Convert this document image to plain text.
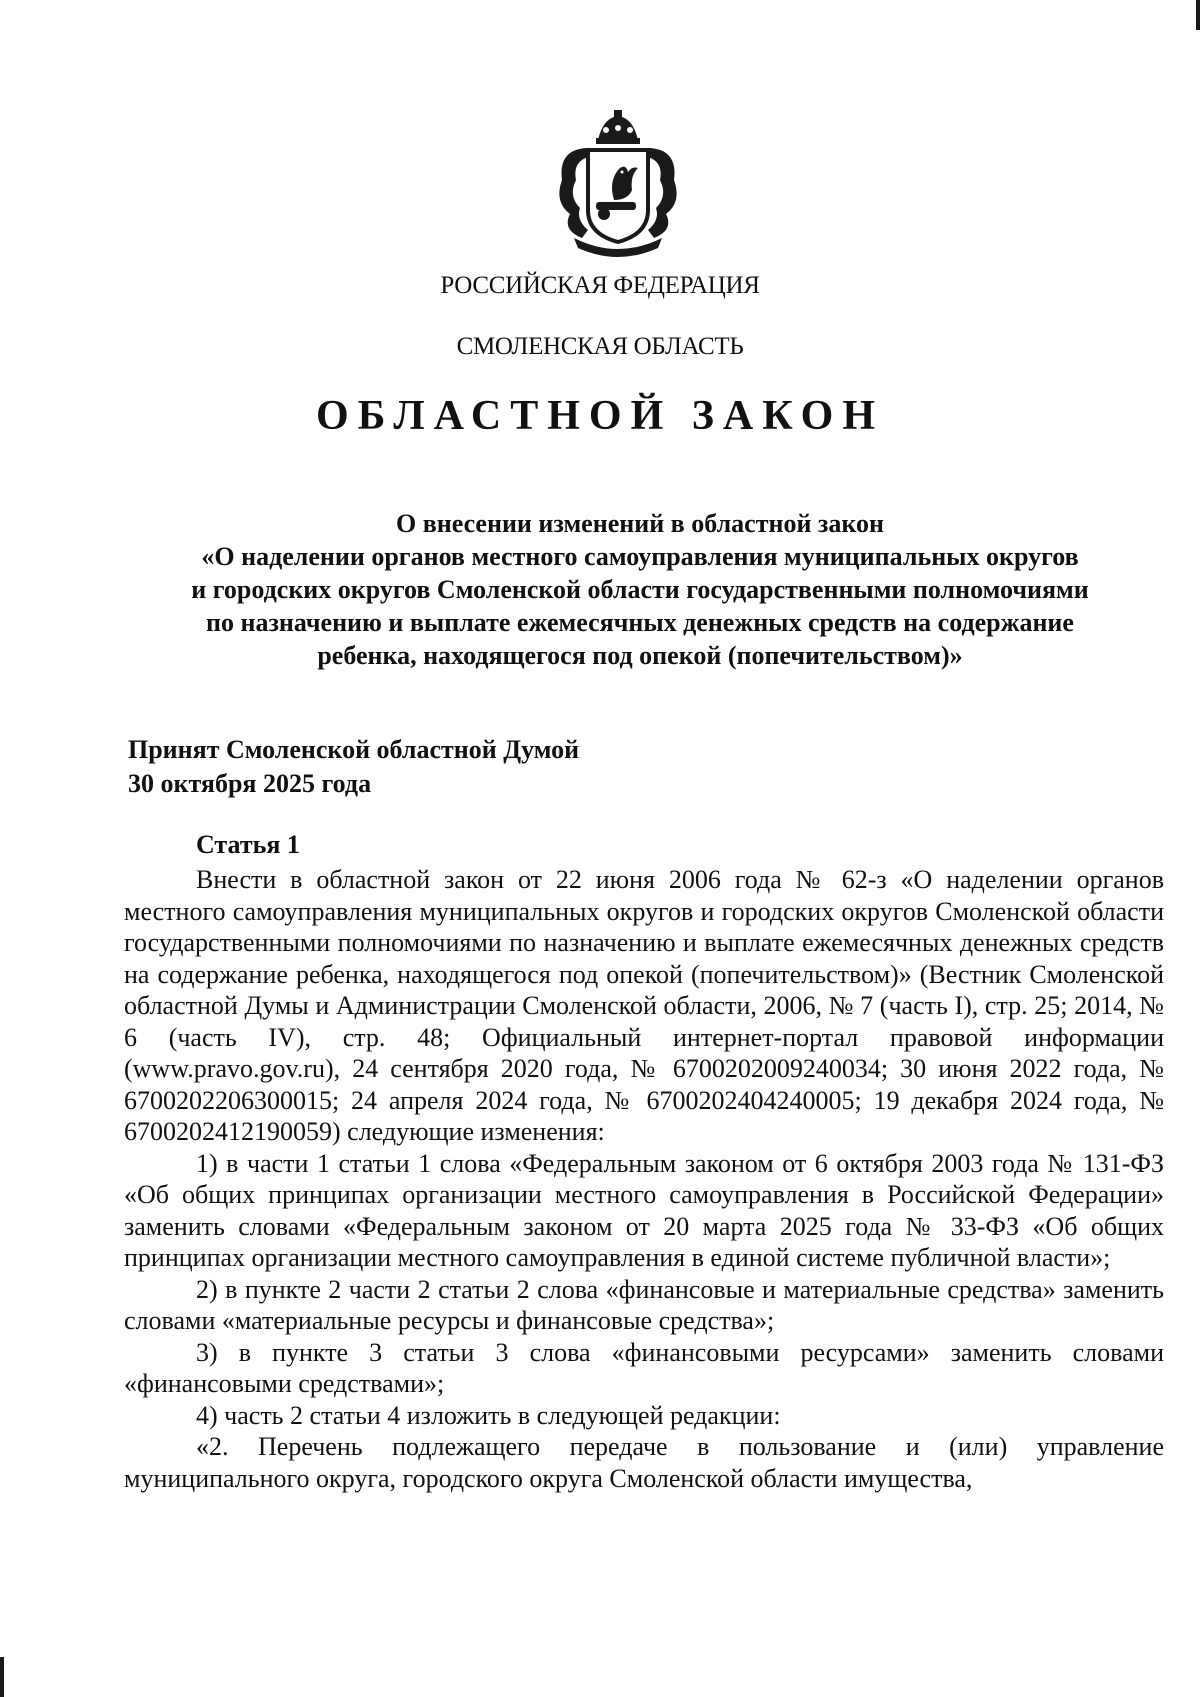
РОССИЙСКАЯ ФЕДЕРАЦИЯ
СМОЛЕНСКАЯ ОБЛАСТЬ
ОБЛАСТНОЙ ЗАКОН
О внесении изменений в областной закон
«О наделении органов местного самоуправления муниципальных округов
и городских округов Смоленской области государственными полномочиями
по назначению и выплате ежемесячных денежных средств на содержание
ребенка, находящегося под опекой (попечительством)»
Принят Смоленской областной Думой
30 октября 2025 года
Статья 1

Внести в областной закон от 22 июня 2006 года № 62-з «О наделении органов местного самоуправления муниципальных округов и городских округов Смоленской области государственными полномочиями по назначению и выплате ежемесячных денежных средств на содержание ребенка, находящегося под опекой (попечительством)» (Вестник Смоленской областной Думы и Администрации Смоленской области, 2006, № 7 (часть I), стр. 25; 2014, № 6 (часть IV), стр. 48; Официальный интернет-портал правовой информации (www.pravo.gov.ru), 24 сентября 2020 года, № 6700202009240034; 30 июня 2022 года, № 6700202206300015; 24 апреля 2024 года, № 6700202404240005; 19 декабря 2024 года, № 6700202412190059) следующие изменения:

1) в части 1 статьи 1 слова «Федеральным законом от 6 октября 2003 года № 131-ФЗ «Об общих принципах организации местного самоуправления в Российской Федерации» заменить словами «Федеральным законом от 20 марта 2025 года № 33-ФЗ «Об общих принципах организации местного самоуправления в единой системе публичной власти»;

2) в пункте 2 части 2 статьи 2 слова «финансовые и материальные средства» заменить словами «материальные ресурсы и финансовые средства»;

3) в пункте 3 статьи 3 слова «финансовыми ресурсами» заменить словами «финансовыми средствами»;

4) часть 2 статьи 4 изложить в следующей редакции:

«2. Перечень подлежащего передаче в пользование и (или) управление муниципального округа, городского округа Смоленской области имущества,
